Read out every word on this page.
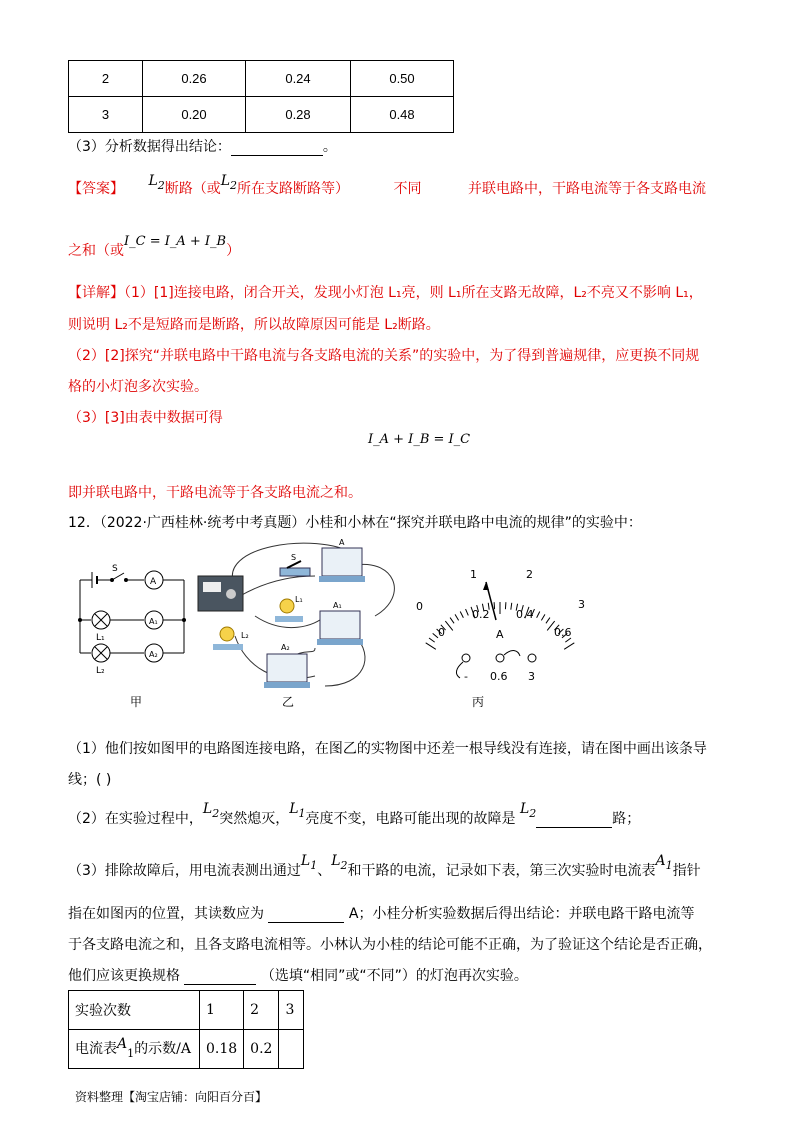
2	0.26	0.24	0.50
3	0.20	0.28	0.48
（3）分析数据得出结论：	。
【答案】 $L_2$断路（或$L_2$所在支路断路等）	不同	并联电路中，干路电流等于各支路电流
之和（或I_C = I_A + I_B）
【详解】（1）[1]连接电路，闭合开关，发现小灯泡 L₁亮，则 L₁所在支路无故障，L₂不亮又不影响 L₁，
则说明 L₂不是短路而是断路，所以故障原因可能是 L₂断路。
（2）[2]探究“并联电路中干路电流与各支路电流的关系”的实验中，为了得到普遍规律，应更换不同规
格的小灯泡多次实验。
（3）[3]由表中数据可得
I_A + I_B = I_C
即并联电路中，干路电流等于各支路电流之和。
12．（2022·广西桂林·统考中考真题）小桂和小林在“探究并联电路中电流的规律”的实验中：
S
A
A₁
A₂
L₁
L₂
S
A
L₁
A₁
L₂
A₂
0
1	2
3
0
0.2 0.4
0.6
A
- 0.6 3
甲	乙	丙
（1）他们按如图甲的电路图连接电路，在图乙的实物图中还差一根导线没有连接，请在图中画出该条导
线；( )
（2）在实验过程中，$L_2$突然熄灭，$L_1$亮度不变，电路可能出现的故障是 $L_2$	路；
（3）排除故障后，用电流表测出通过$L_1$、$L_2$和干路的电流，记录如下表，第三次实验时电流表$A_1$指针
指在如图丙的位置，其读数应为	A；小桂分析实验数据后得出结论：并联电路干路电流等
于各支路电流之和，且各支路电流相等。小林认为小桂的结论可能不正确，为了验证这个结论是否正确，
他们应该更换规格	（选填“相同”或“不同”）的灯泡再次实验。
实验次数	1	2	3
电流表$A_1$的示数/A	0.18	0.2	
资料整理【淘宝店铺：向阳百分百】
